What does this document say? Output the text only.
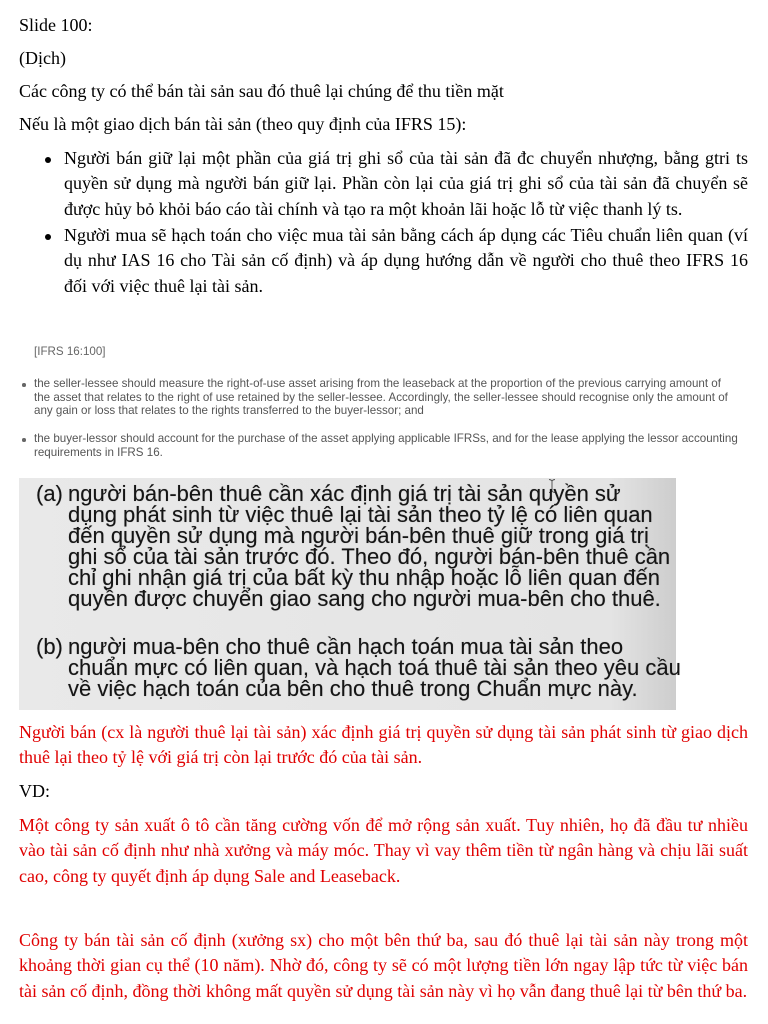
Slide 100:
(Dịch)
Các công ty có thể bán tài sản sau đó thuê lại chúng để thu tiền mặt
Nếu là một giao dịch bán tài sản (theo quy định của IFRS 15):
Người bán giữ lại một phần của giá trị ghi sổ của tài sản đã đc chuyển nhượng, bằng gtri ts
quyền sử dụng mà người bán giữ lại. Phần còn lại của giá trị ghi sổ của tài sản đã chuyển sẽ
được hủy bỏ khỏi báo cáo tài chính và tạo ra một khoản lãi hoặc lỗ từ việc thanh lý ts.
Người mua sẽ hạch toán cho việc mua tài sản bằng cách áp dụng các Tiêu chuẩn liên quan (ví
dụ như IAS 16 cho Tài sản cố định) và áp dụng hướng dẫn về người cho thuê theo IFRS 16
đối với việc thuê lại tài sản.
[IFRS 16:100]
the seller-lessee should measure the right-of-use asset arising from the leaseback at the proportion of the previous carrying amount of
the asset that relates to the right of use retained by the seller-lessee. Accordingly, the seller-lessee should recognise only the amount of
any gain or loss that relates to the rights transferred to the buyer-lessor; and
the buyer-lessor should account for the purchase of the asset applying applicable IFRSs, and for the lease applying the lessor accounting
requirements in IFRS 16.
(a) người bán-bên thuê cần xác định giá trị tài sản quyền sử
dụng phát sinh từ việc thuê lại tài sản theo tỷ lệ có liên quan
đến quyền sử dụng mà người bán-bên thuê giữ trong giá trị
ghi sổ của tài sản trước đó. Theo đó, người bán-bên thuê cần
chỉ ghi nhận giá trị của bất kỳ thu nhập hoặc lỗ liên quan đến
quyền được chuyển giao sang cho người mua-bên cho thuê.
(b) người mua-bên cho thuê cần hạch toán mua tài sản theo
chuẩn mực có liên quan, và hạch toá thuê tài sản theo yêu cầu
về việc hạch toán của bên cho thuê trong Chuẩn mực này.
Người bán (cx là người thuê lại tài sản) xác định giá trị quyền sử dụng tài sản phát sinh từ giao dịch
thuê lại theo tỷ lệ với giá trị còn lại trước đó của tài sản.
VD:
Một công ty sản xuất ô tô cần tăng cường vốn để mở rộng sản xuất. Tuy nhiên, họ đã đầu tư nhiều
vào tài sản cố định như nhà xưởng và máy móc. Thay vì vay thêm tiền từ ngân hàng và chịu lãi suất
cao, công ty quyết định áp dụng Sale and Leaseback.
Công ty bán tài sản cố định (xưởng sx) cho một bên thứ ba, sau đó thuê lại tài sản này trong một
khoảng thời gian cụ thể (10 năm). Nhờ đó, công ty sẽ có một lượng tiền lớn ngay lập tức từ việc bán
tài sản cố định, đồng thời không mất quyền sử dụng tài sản này vì họ vẫn đang thuê lại từ bên thứ ba.
